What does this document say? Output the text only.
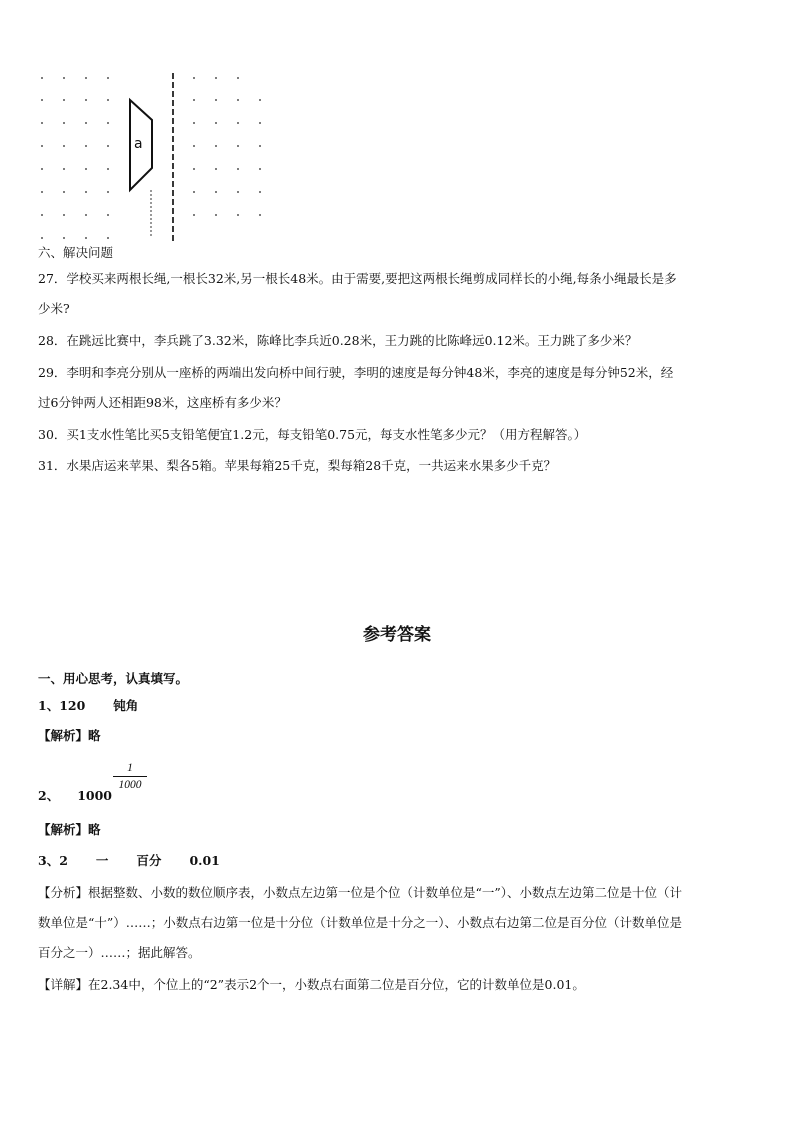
a
六、解决问题
27．学校买来两根长绳,一根长32米,另一根长48米。由于需要,要把这两根长绳剪成同样长的小绳,每条小绳最长是多
少米?
28．在跳远比赛中，李兵跳了3.32米，陈峰比李兵近0.28米，王力跳的比陈峰远0.12米。王力跳了多少米？
29．李明和李亮分别从一座桥的两端出发向桥中间行驶，李明的速度是每分钟48米，李亮的速度是每分钟52米，经
过6分钟两人还相距98米，这座桥有多少米？
30．买1支水性笔比买5支铅笔便宜1.2元，每支铅笔0.75元，每支水性笔多少元？（用方程解答。）
31．水果店运来苹果、梨各5箱。苹果每箱25千克，梨每箱28千克，一共运来水果多少千克？
参考答案
一、用心思考，认真填写。
1、120 钝角
【解析】略
2、 1000
1
1000
【解析】略
3、2 一 百分 0.01
【分析】根据整数、小数的数位顺序表，小数点左边第一位是个位（计数单位是“一”）、小数点左边第二位是十位（计
数单位是“十”）……；小数点右边第一位是十分位（计数单位是十分之一）、小数点右边第二位是百分位（计数单位是
百分之一）……；据此解答。
【详解】在2.34中，个位上的“2”表示2个一，小数点右面第二位是百分位，它的计数单位是0.01。
